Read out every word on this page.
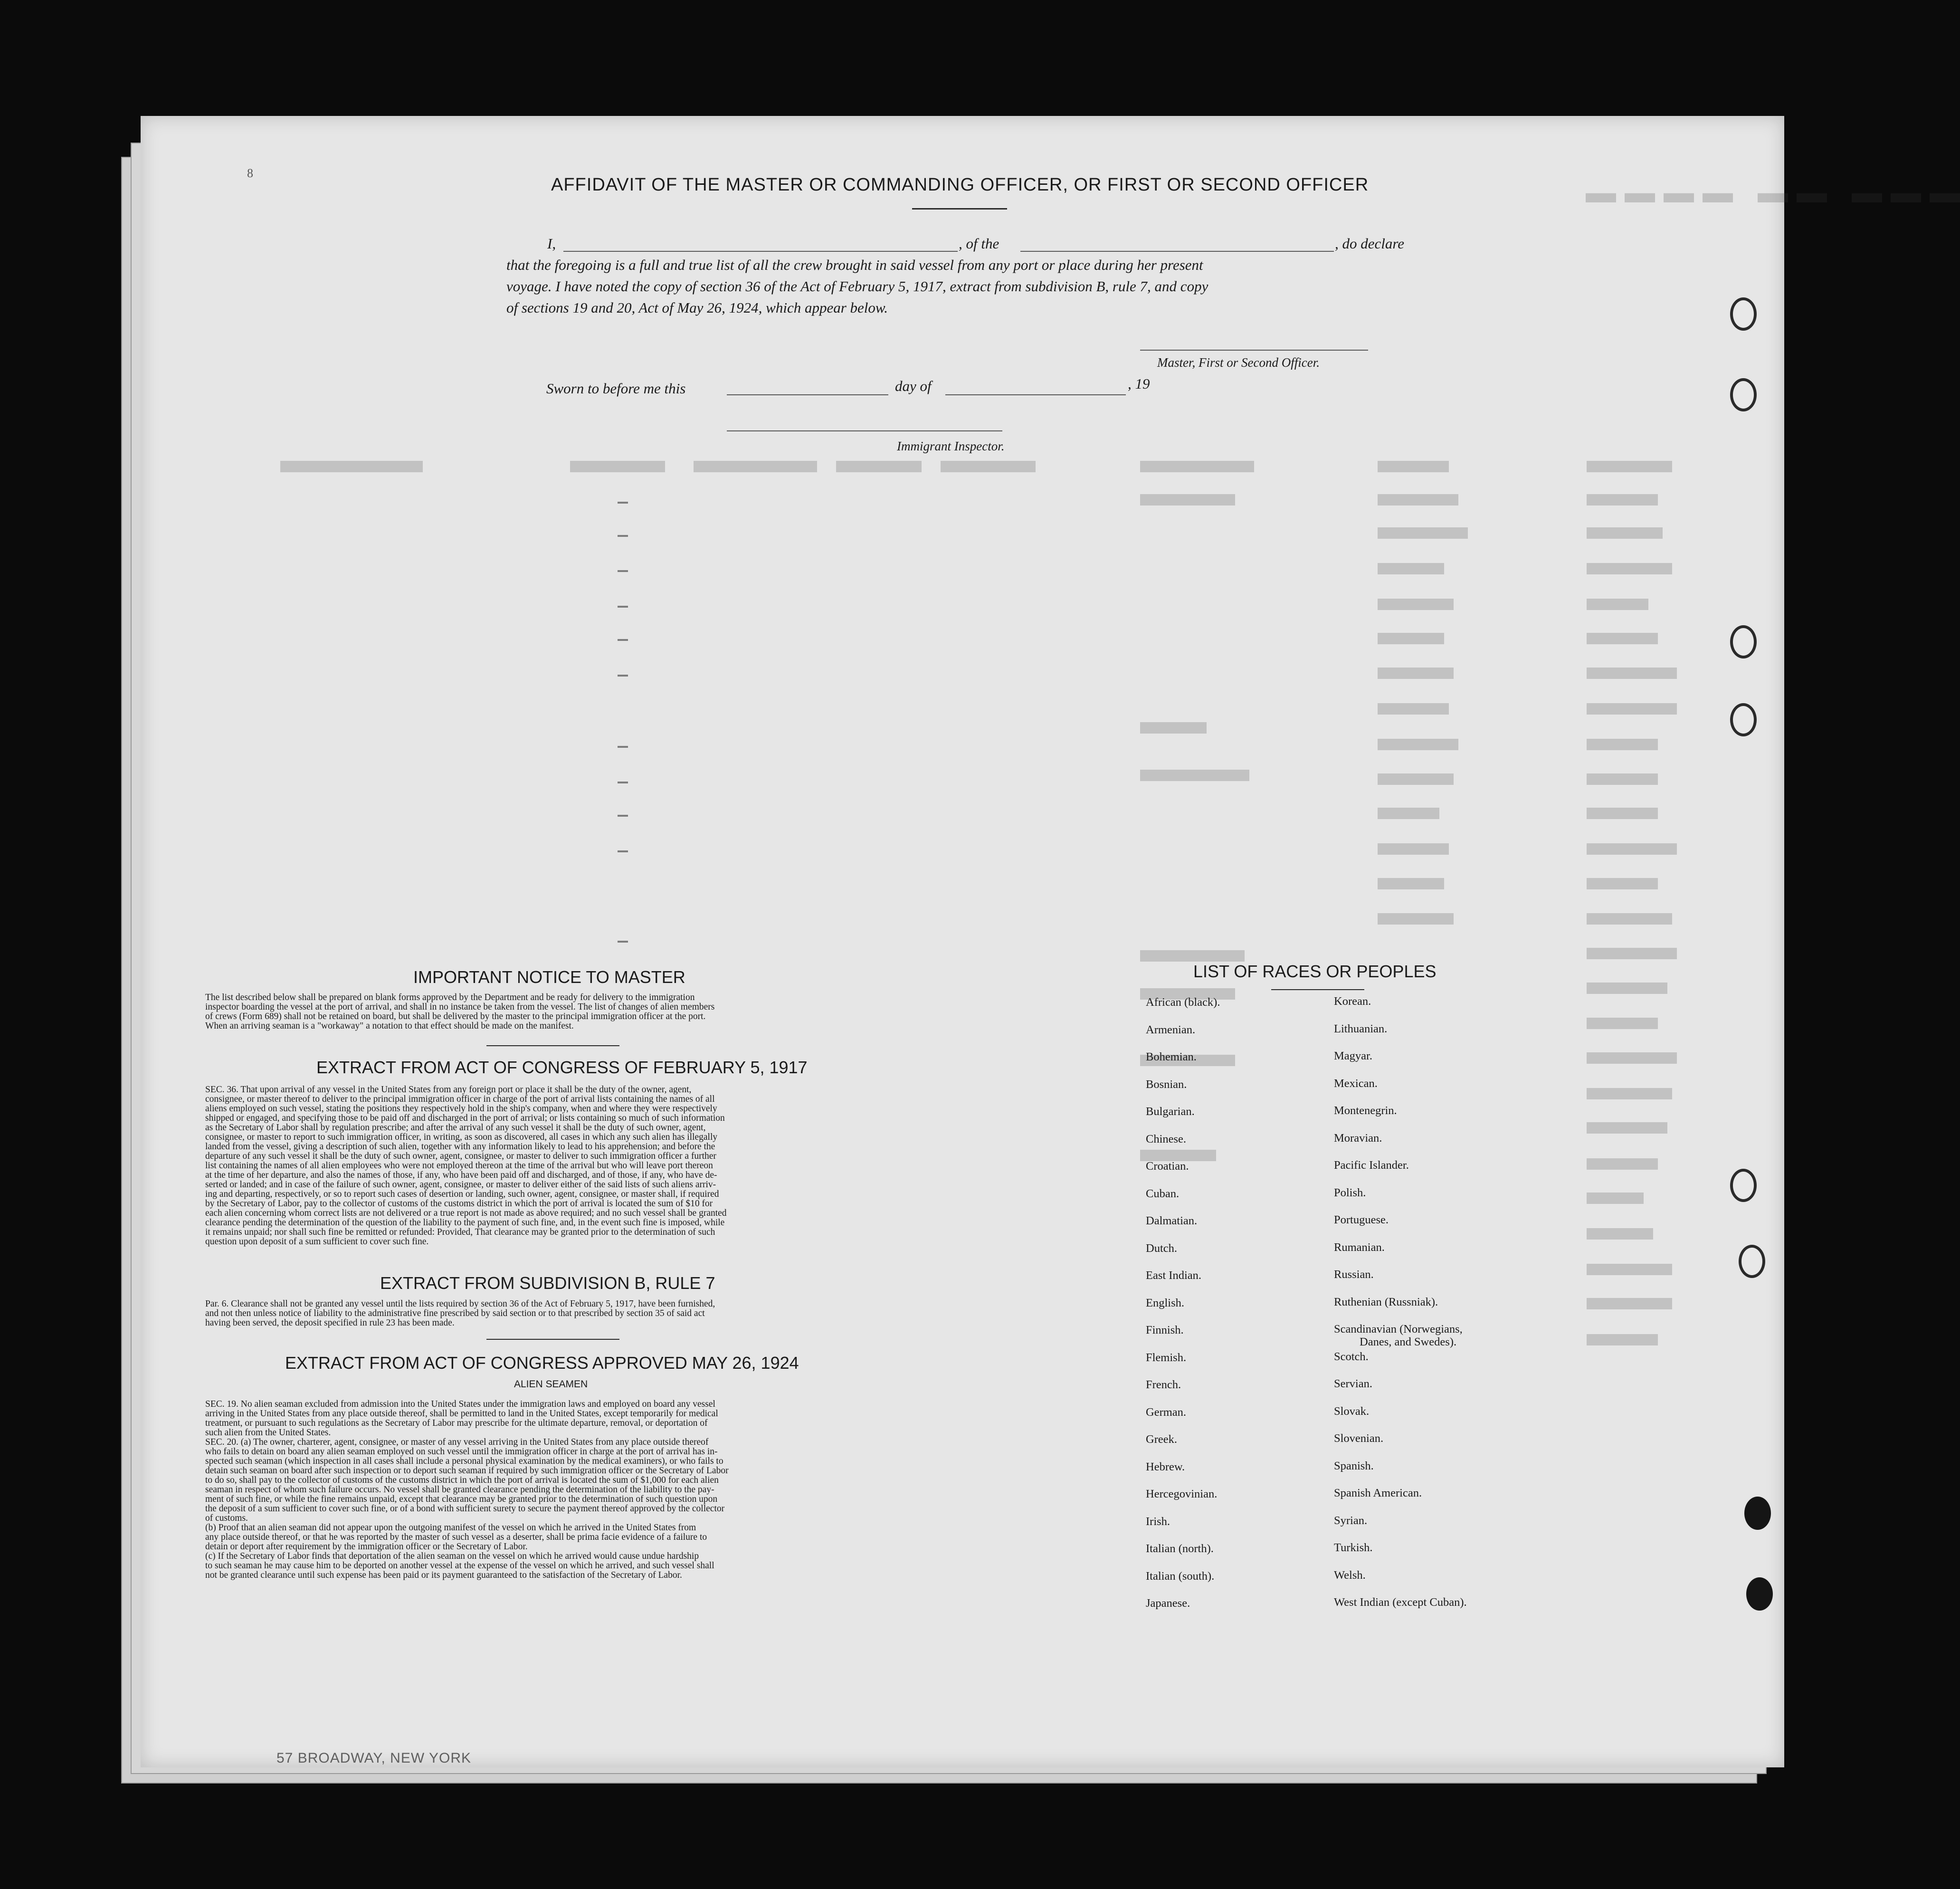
▬▬▬ ▬▬ ▬▬▬▬
8
AFFIDAVIT OF THE MASTER OR COMMANDING OFFICER, OR FIRST OR SECOND OFFICER
I,	, of the	, do declare
that the foregoing is a full and true list of all the crew brought in said vessel from any port or place during her present
voyage. I have noted the copy of section 36 of the Act of February 5, 1917, extract from subdivision B, rule 7, and copy
of sections 19 and 20, Act of May 26, 1924, which appear below.
Master, First or Second Officer.
Sworn to before me this	day of	, 19
Immigrant Inspector.
IMPORTANT NOTICE TO MASTER
The list described below shall be prepared on blank forms approved by the Department and be ready for delivery to the immigration
inspector boarding the vessel at the port of arrival, and shall in no instance be taken from the vessel. The list of changes of alien members
of crews (Form 689) shall not be retained on board, but shall be delivered by the master to the principal immigration officer at the port.
When an arriving seaman is a "workaway" a notation to that effect should be made on the manifest.
EXTRACT FROM ACT OF CONGRESS OF FEBRUARY 5, 1917
SEC. 36. That upon arrival of any vessel in the United States from any foreign port or place it shall be the duty of the owner, agent,
consignee, or master thereof to deliver to the principal immigration officer in charge of the port of arrival lists containing the names of all
aliens employed on such vessel, stating the positions they respectively hold in the ship's company, when and where they were respectively
shipped or engaged, and specifying those to be paid off and discharged in the port of arrival; or lists containing so much of such information
as the Secretary of Labor shall by regulation prescribe; and after the arrival of any such vessel it shall be the duty of such owner, agent,
consignee, or master to report to such immigration officer, in writing, as soon as discovered, all cases in which any such alien has illegally
landed from the vessel, giving a description of such alien, together with any information likely to lead to his apprehension; and before the
departure of any such vessel it shall be the duty of such owner, agent, consignee, or master to deliver to such immigration officer a further
list containing the names of all alien employees who were not employed thereon at the time of the arrival but who will leave port thereon
at the time of her departure, and also the names of those, if any, who have been paid off and discharged, and of those, if any, who have de-
serted or landed; and in case of the failure of such owner, agent, consignee, or master to deliver either of the said lists of such aliens arriv-
ing and departing, respectively, or so to report such cases of desertion or landing, such owner, agent, consignee, or master shall, if required
by the Secretary of Labor, pay to the collector of customs of the customs district in which the port of arrival is located the sum of $10 for
each alien concerning whom correct lists are not delivered or a true report is not made as above required; and no such vessel shall be granted
clearance pending the determination of the question of the liability to the payment of such fine, and, in the event such fine is imposed, while
it remains unpaid; nor shall such fine be remitted or refunded: Provided, That clearance may be granted prior to the determination of such
question upon deposit of a sum sufficient to cover such fine.
EXTRACT FROM SUBDIVISION B, RULE 7
Par. 6. Clearance shall not be granted any vessel until the lists required by section 36 of the Act of February 5, 1917, have been furnished,
and not then unless notice of liability to the administrative fine prescribed by said section or to that prescribed by section 35 of said act
having been served, the deposit specified in rule 23 has been made.
EXTRACT FROM ACT OF CONGRESS APPROVED MAY 26, 1924
ALIEN SEAMEN
SEC. 19. No alien seaman excluded from admission into the United States under the immigration laws and employed on board any vessel
arriving in the United States from any place outside thereof, shall be permitted to land in the United States, except temporarily for medical
treatment, or pursuant to such regulations as the Secretary of Labor may prescribe for the ultimate departure, removal, or deportation of
such alien from the United States.
SEC. 20. (a) The owner, charterer, agent, consignee, or master of any vessel arriving in the United States from any place outside thereof
who fails to detain on board any alien seaman employed on such vessel until the immigration officer in charge at the port of arrival has in-
spected such seaman (which inspection in all cases shall include a personal physical examination by the medical examiners), or who fails to
detain such seaman on board after such inspection or to deport such seaman if required by such immigration officer or the Secretary of Labor
to do so, shall pay to the collector of customs of the customs district in which the port of arrival is located the sum of $1,000 for each alien
seaman in respect of whom such failure occurs. No vessel shall be granted clearance pending the determination of the liability to the pay-
ment of such fine, or while the fine remains unpaid, except that clearance may be granted prior to the determination of such question upon
the deposit of a sum sufficient to cover such fine, or of a bond with sufficient surety to secure the payment thereof approved by the collector
of customs.
(b) Proof that an alien seaman did not appear upon the outgoing manifest of the vessel on which he arrived in the United States from
any place outside thereof, or that he was reported by the master of such vessel as a deserter, shall be prima facie evidence of a failure to
detain or deport after requirement by the immigration officer or the Secretary of Labor.
(c) If the Secretary of Labor finds that deportation of the alien seaman on the vessel on which he arrived would cause undue hardship
to such seaman he may cause him to be deported on another vessel at the expense of the vessel on which he arrived, and such vessel shall
not be granted clearance until such expense has been paid or its payment guaranteed to the satisfaction of the Secretary of Labor.
LIST OF RACES OR PEOPLES
African (black).
Armenian.
Bohemian.
Bosnian.
Bulgarian.
Chinese.
Croatian.
Cuban.
Dalmatian.
Dutch.
East Indian.
English.
Finnish.
Flemish.
French.
German.
Greek.
Hebrew.
Hercegovinian.
Irish.
Italian (north).
Italian (south).
Japanese.
Korean.
Lithuanian.
Magyar.
Mexican.
Montenegrin.
Moravian.
Pacific Islander.
Polish.
Portuguese.
Rumanian.
Russian.
Ruthenian (Russniak).
Scandinavian (Norwegians,
Danes, and Swedes).
Scotch.
Servian.
Slovak.
Slovenian.
Spanish.
Spanish American.
Syrian.
Turkish.
Welsh.
West Indian (except Cuban).
57 BROADWAY, NEW YORK
